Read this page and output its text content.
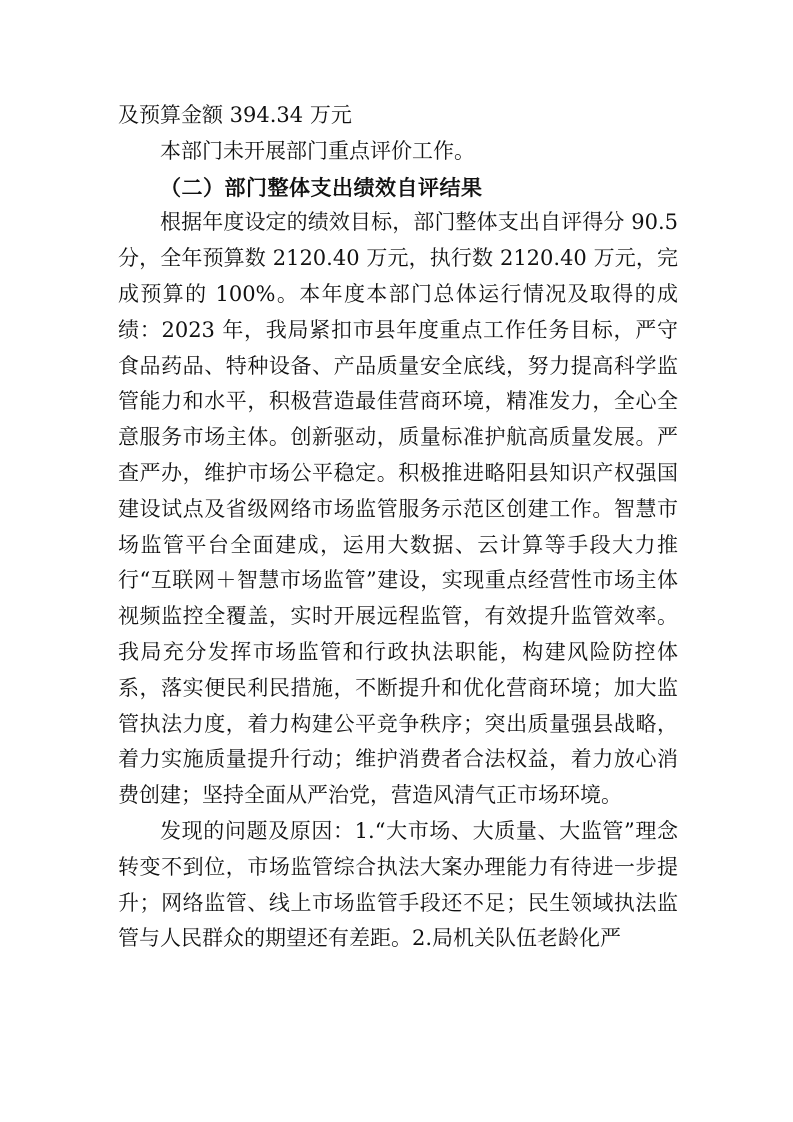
及预算金额 394.34 万元

本部门未开展部门重点评价工作。

（二）部门整体支出绩效自评结果

根据年度设定的绩效目标，部门整体支出自评得分 90.5 分，全年预算数 2120.40 万元，执行数 2120.40 万元，完成预算的 100%。本年度本部门总体运行情况及取得的成绩：2023 年，我局紧扣市县年度重点工作任务目标，严守食品药品、特种设备、产品质量安全底线，努力提高科学监管能力和水平，积极营造最佳营商环境，精准发力，全心全意服务市场主体。创新驱动，质量标准护航高质量发展。严查严办，维护市场公平稳定。积极推进略阳县知识产权强国建设试点及省级网络市场监管服务示范区创建工作。智慧市场监管平台全面建成，运用大数据、云计算等手段大力推行“互联网＋智慧市场监管”建设，实现重点经营性市场主体视频监控全覆盖，实时开展远程监管，有效提升监管效率。我局充分发挥市场监管和行政执法职能，构建风险防控体系，落实便民利民措施，不断提升和优化营商环境；加大监管执法力度，着力构建公平竞争秩序；突出质量强县战略，着力实施质量提升行动；维护消费者合法权益，着力放心消费创建；坚持全面从严治党，营造风清气正市场环境。

发现的问题及原因：1.“大市场、大质量、大监管”理念转变不到位，市场监管综合执法大案办理能力有待进一步提升；网络监管、线上市场监管手段还不足；民生领域执法监管与人民群众的期望还有差距。2.局机关队伍老龄化严
